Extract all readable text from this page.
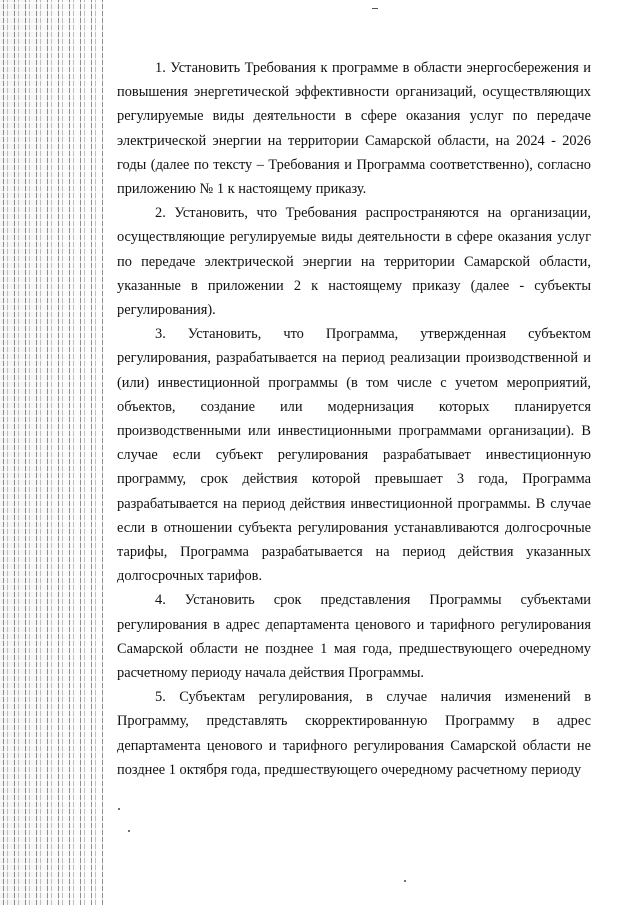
1. Установить Требования к программе в области энергосбережения и повышения энергетической эффективности организаций, осуществляющих регулируемые виды деятельности в сфере оказания услуг по передаче электрической энергии на территории Самарской области, на 2024 - 2026 годы (далее по тексту – Требования и Программа соответственно), согласно приложению № 1 к настоящему приказу.

2. Установить, что Требования распространяются на организации, осуществляющие регулируемые виды деятельности в сфере оказания услуг по передаче электрической энергии на территории Самарской области, указанные в приложении 2 к настоящему приказу (далее - субъекты регулирования).

3. Установить, что Программа, утвержденная субъектом регулирования, разрабатывается на период реализации производственной и (или) инвестиционной программы (в том числе с учетом мероприятий, объектов, создание или модернизация которых планируется производственными или инвестиционными программами организации). В случае если субъект регулирования разрабатывает инвестиционную программу, срок действия которой превышает 3 года, Программа разрабатывается на период действия инвестиционной программы. В случае если в отношении субъекта регулирования устанавливаются долгосрочные тарифы, Программа разрабатывается на период действия указанных долгосрочных тарифов.

4. Установить срок представления Программы субъектами регулирования в адрес департамента ценового и тарифного регулирования Самарской области не позднее 1 мая года, предшествующего очередному расчетному периоду начала действия Программы.

5. Субъектам регулирования, в случае наличия изменений в Программу, представлять скорректированную Программу в адрес департамента ценового и тарифного регулирования Самарской области не позднее 1 октября года, предшествующего очередному расчетному периоду
